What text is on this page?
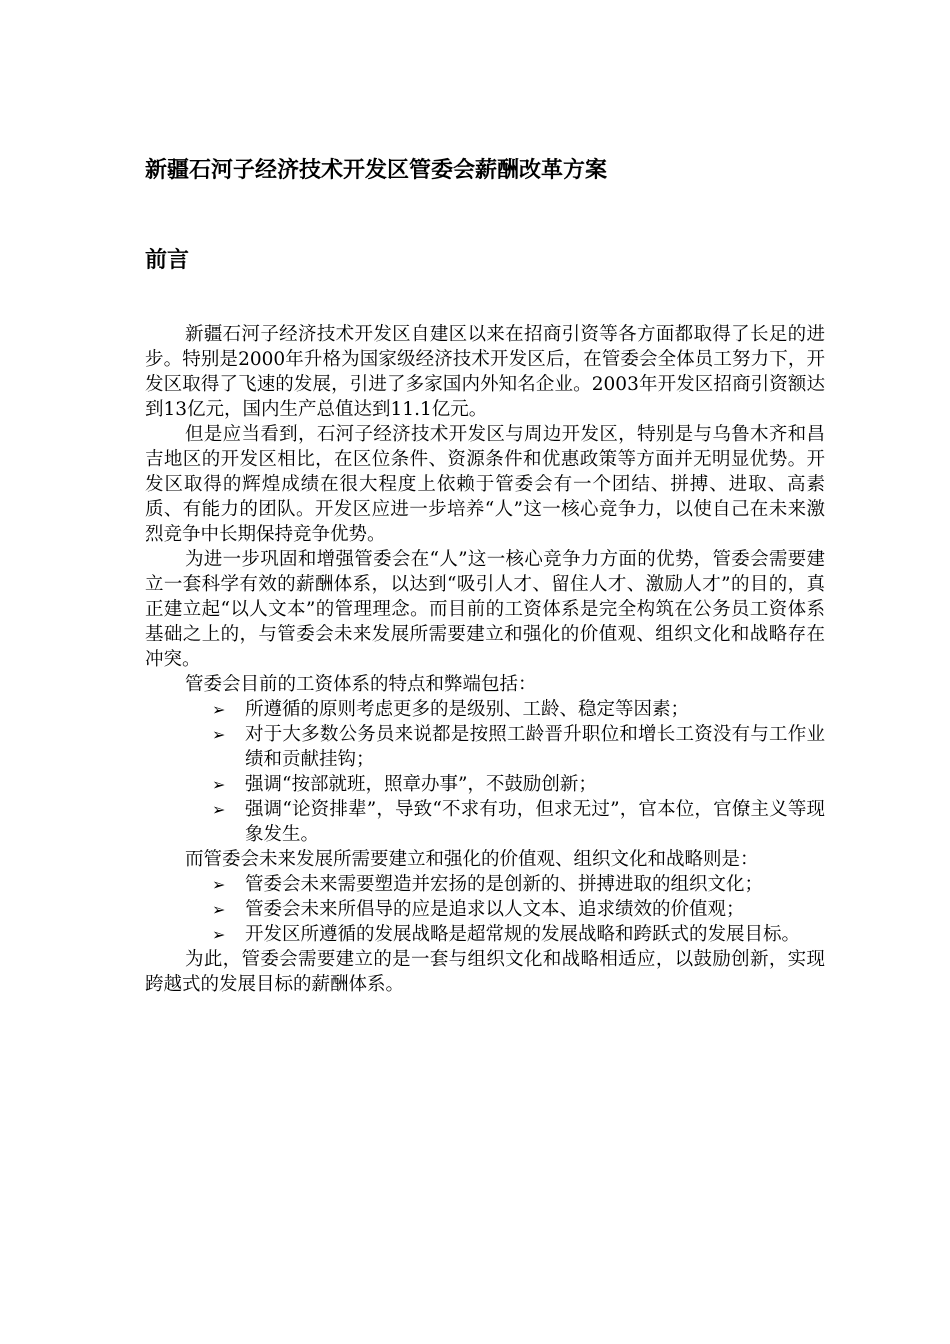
新疆石河子经济技术开发区管委会薪酬改革方案
前言

新疆石河子经济技术开发区自建区以来在招商引资等各方面都取得了长足的进步。特别是2000年升格为国家级经济技术开发区后，在管委会全体员工努力下，开发区取得了飞速的发展，引进了多家国内外知名企业。2003年开发区招商引资额达到13亿元，国内生产总值达到11.1亿元。

但是应当看到，石河子经济技术开发区与周边开发区，特别是与乌鲁木齐和昌吉地区的开发区相比，在区位条件、资源条件和优惠政策等方面并无明显优势。开发区取得的辉煌成绩在很大程度上依赖于管委会有一个团结、拼搏、进取、高素质、有能力的团队。开发区应进一步培养“人”这一核心竞争力，以使自己在未来激烈竞争中长期保持竞争优势。

为进一步巩固和增强管委会在“人”这一核心竞争力方面的优势，管委会需要建立一套科学有效的薪酬体系，以达到“吸引人才、留住人才、激励人才”的目的，真正建立起“以人文本”的管理理念。而目前的工资体系是完全构筑在公务员工资体系基础之上的，与管委会未来发展所需要建立和强化的价值观、组织文化和战略存在冲突。

管委会目前的工资体系的特点和弊端包括：

➢	所遵循的原则考虑更多的是级别、工龄、稳定等因素；
➢	对于大多数公务员来说都是按照工龄晋升职位和增长工资没有与工作业绩和贡献挂钩；
➢	强调“按部就班，照章办事”，不鼓励创新；
➢	强调“论资排辈”，导致“不求有功，但求无过”，官本位，官僚主义等现象发生。

而管委会未来发展所需要建立和强化的价值观、组织文化和战略则是：

➢	管委会未来需要塑造并宏扬的是创新的、拼搏进取的组织文化；
➢	管委会未来所倡导的应是追求以人文本、追求绩效的价值观；
➢	开发区所遵循的发展战略是超常规的发展战略和跨跃式的发展目标。

为此，管委会需要建立的是一套与组织文化和战略相适应，以鼓励创新，实现跨越式的发展目标的薪酬体系。
